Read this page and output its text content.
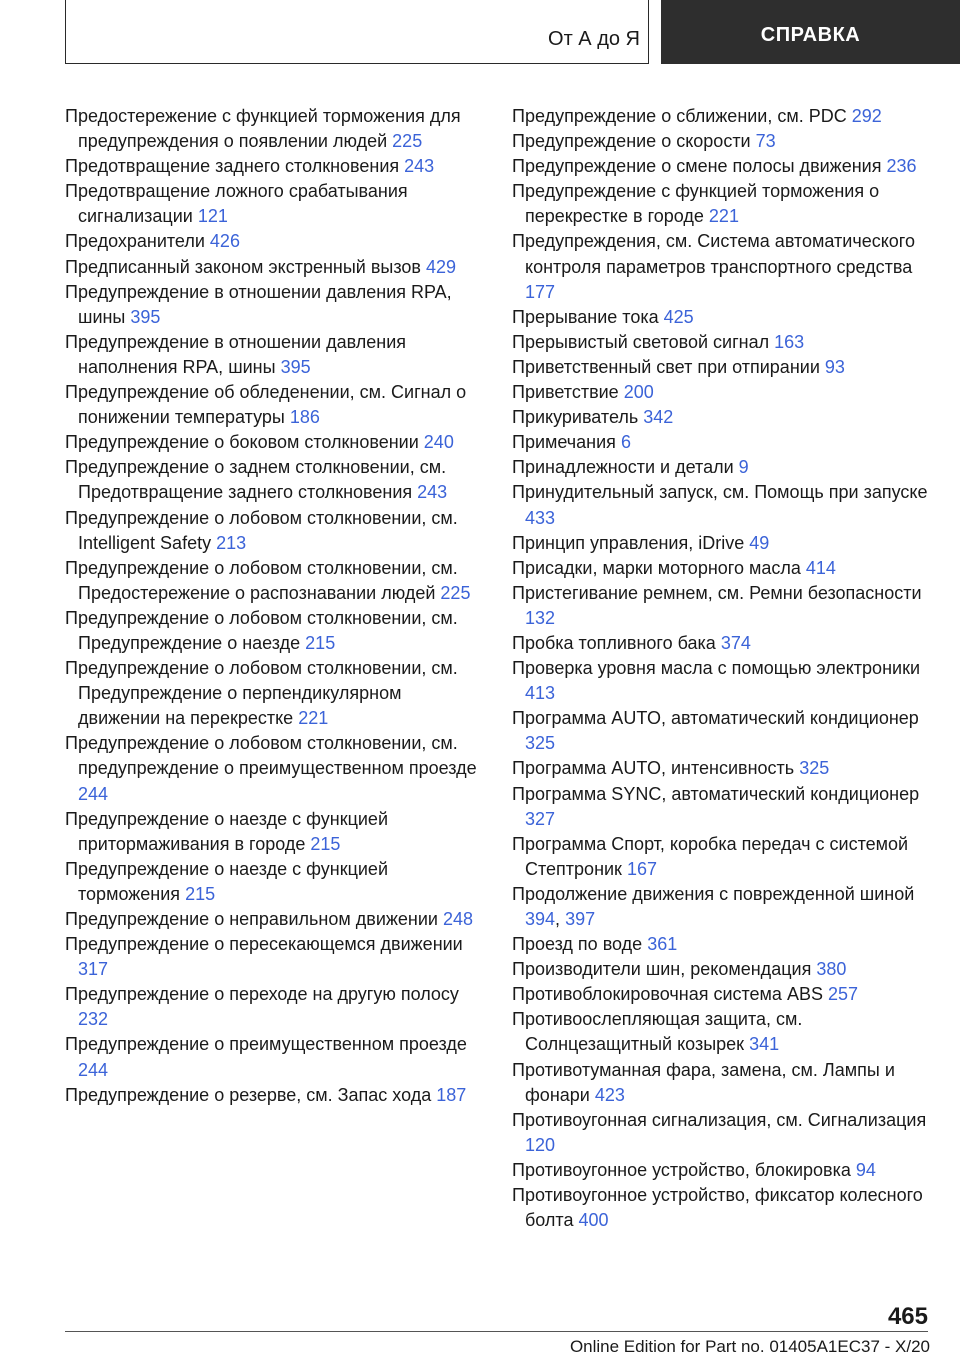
От А до Я	СПРАВКА

Предостережение с функцией торможения для предупреждения о появлении людей 225

Предотвращение заднего столкновения 243

Предотвращение ложного срабатывания сигнализации 121

Предохранители 426

Предписанный законом экстренный вызов 429

Предупреждение в отношении давления RPA, шины 395

Предупреждение в отношении давления наполнения RPA, шины 395

Предупреждение об обледенении, см. Сигнал о понижении температуры 186

Предупреждение о боковом столкновении 240

Предупреждение о заднем столкновении, см. Предотвращение заднего столкновения 243

Предупреждение о лобовом столкновении, см. Intelligent Safety 213

Предупреждение о лобовом столкновении, см. Предостережение о распознавании людей 225

Предупреждение о лобовом столкновении, см. Предупреждение о наезде 215

Предупреждение о лобовом столкновении, см. Предупреждение о перпендикулярном движении на перекрестке 221

Предупреждение о лобовом столкновении, см. предупреждение о преимущественном проезде 244

Предупреждение о наезде с функцией притормаживания в городе 215

Предупреждение о наезде с функцией торможения 215

Предупреждение о неправильном движении 248

Предупреждение о пересекающемся движении 317

Предупреждение о переходе на другую полосу 232

Предупреждение о преимущественном проезде 244

Предупреждение о резерве, см. Запас хода 187

Предупреждение о сближении, см. PDC 292

Предупреждение о скорости 73

Предупреждение о смене полосы движения 236

Предупреждение с функцией торможения о перекрестке в городе 221

Предупреждения, см. Система автоматического контроля параметров транспортного средства 177

Прерывание тока 425

Прерывистый световой сигнал 163

Приветственный свет при отпирании 93

Приветствие 200

Прикуриватель 342

Примечания 6

Принадлежности и детали 9

Принудительный запуск, см. Помощь при запуске 433

Принцип управления, iDrive 49

Присадки, марки моторного масла 414

Пристегивание ремнем, см. Ремни безопасности 132

Пробка топливного бака 374

Проверка уровня масла с помощью электроники 413

Программа AUTO, автоматический кондиционер 325

Программа AUTO, интенсивность 325

Программа SYNC, автоматический кондиционер 327

Программа Спорт, коробка передач с системой Стептроник 167

Продолжение движения с поврежденной шиной 394, 397

Проезд по воде 361

Производители шин, рекомендация 380

Противоблокировочная система ABS 257

Противоослепляющая защита, см. Солнцезащитный козырек 341

Противотуманная фара, замена, см. Лампы и фонари 423

Противоугонная сигнализация, см. Сигнализация 120

Противоугонное устройство, блокировка 94

Противоугонное устройство, фиксатор колесного болта 400

465
Online Edition for Part no. 01405A1EC37 - X/20
